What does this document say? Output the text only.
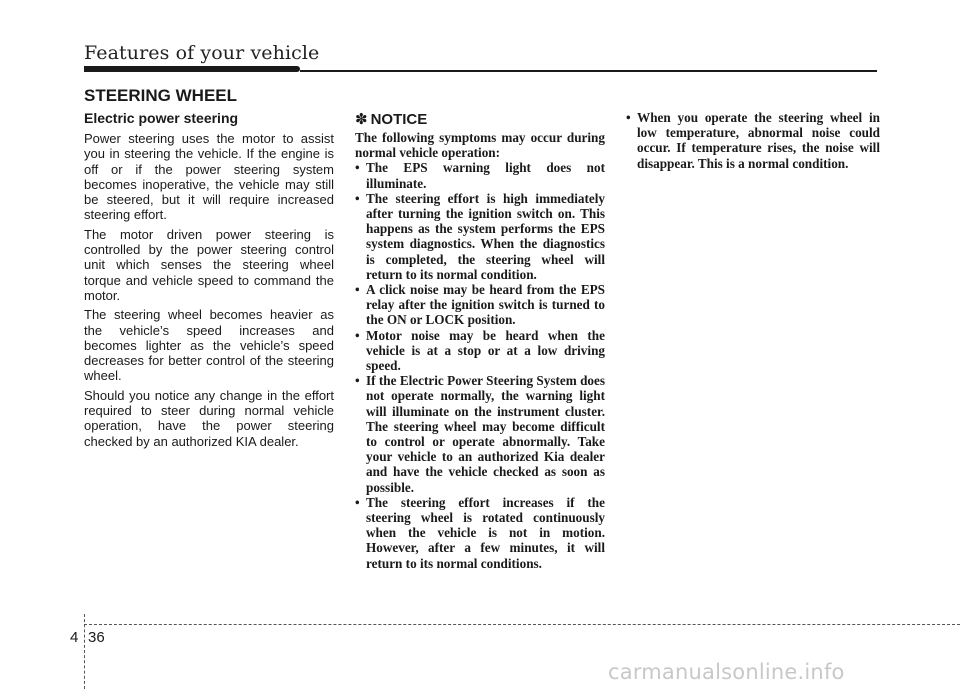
Features of your vehicle
STEERING WHEEL
Electric power steering

Power steering uses the motor to assist you in steering the vehicle. If the engine is off or if the power steering system becomes inoperative, the vehicle may still be steered, but it will require increased steering effort.

The motor driven power steering is controlled by the power steering control unit which senses the steering wheel torque and vehicle speed to command the motor.

The steering wheel becomes heavier as the vehicle’s speed increases and becomes lighter as the vehicle’s speed decreases for better control of the steering wheel.

Should you notice any change in the effort required to steer during normal vehicle operation, have the power steering checked by an authorized KIA dealer.

✽ NOTICE

The following symptoms may occur during normal vehicle operation:

• The EPS warning light does not illuminate.
• The steering effort is high immediately after turning the ignition switch on. This happens as the system performs the EPS system diagnostics. When the diagnostics is completed, the steering wheel will return to its normal condition.
• A click noise may be heard from the EPS relay after the ignition switch is turned to the ON or LOCK position.
• Motor noise may be heard when the vehicle is at a stop or at a low driving speed.
• If the Electric Power Steering System does not operate normally, the warning light will illuminate on the instrument cluster. The steering wheel may become difficult to control or operate abnormally. Take your vehicle to an authorized Kia dealer and have the vehicle checked as soon as possible.
• The steering effort increases if the steering wheel is rotated continuously when the vehicle is not in motion. However, after a few minutes, it will return to its normal conditions.
• When you operate the steering wheel in low temperature, abnormal noise could occur. If temperature rises, the noise will disappear. This is a normal condition.
4 36
carmanualsonline.info
